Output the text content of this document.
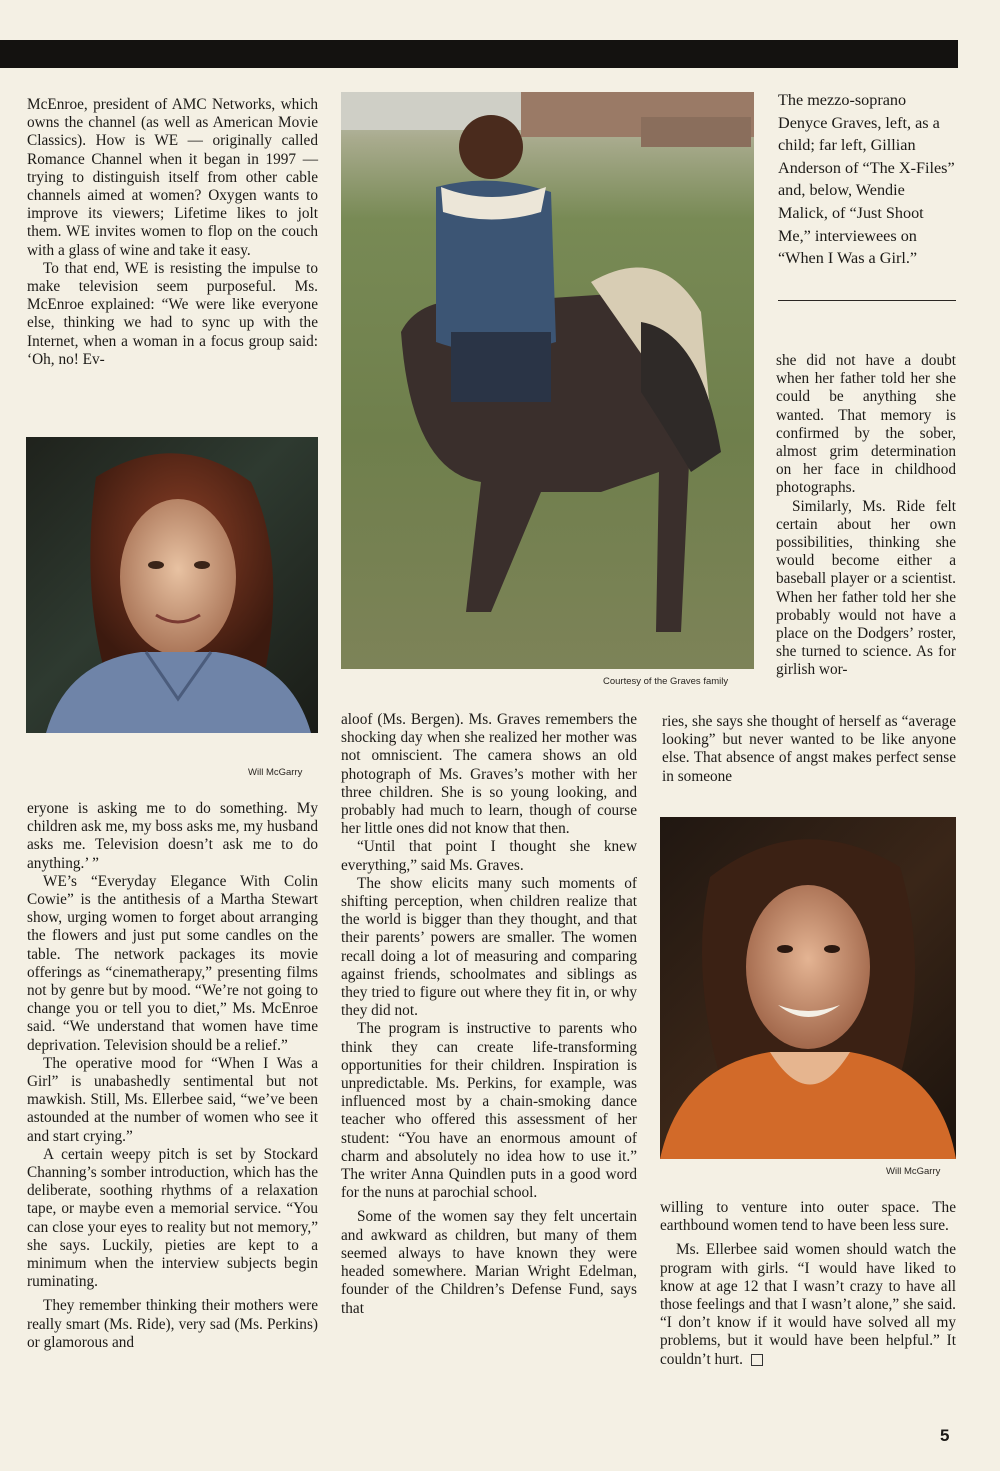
McEnroe, president of AMC Networks, which owns the channel (as well as American Movie Classics). How is WE — originally called Romance Channel when it began in 1997 — trying to distinguish itself from other cable channels aimed at women? Oxygen wants to improve its viewers; Lifetime likes to jolt them. WE invites women to flop on the couch with a glass of wine and take it easy.

To that end, WE is resisting the impulse to make television seem purposeful. Ms. McEnroe explained: “We were like everyone else, thinking we had to sync up with the Internet, when a woman in a focus group said: ‘Oh, no! Ev-

Will McGarry

eryone is asking me to do something. My children ask me, my boss asks me, my husband asks me. Television doesn’t ask me to do anything.’ ”

WE’s “Everyday Elegance With Colin Cowie” is the antithesis of a Martha Stewart show, urging women to forget about arranging the flowers and just put some candles on the table. The network packages its movie offerings as “cinematherapy,” presenting films not by genre but by mood. “We’re not going to change you or tell you to diet,” Ms. McEnroe said. “We understand that women have time deprivation. Television should be a relief.”

The operative mood for “When I Was a Girl” is unabashedly sentimental but not mawkish. Still, Ms. Ellerbee said, “we’ve been astounded at the number of women who see it and start crying.”

A certain weepy pitch is set by Stockard Channing’s somber introduction, which has the deliberate, soothing rhythms of a relaxation tape, or maybe even a memorial service. “You can close your eyes to reality but not memory,” she says. Luckily, pieties are kept to a minimum when the interview subjects begin ruminating.

They remember thinking their mothers were really smart (Ms. Ride), very sad (Ms. Perkins) or glamorous and

Courtesy of the Graves family
The mezzo-soprano Denyce Graves, left, as a child; far left, Gillian Anderson of “The X-Files” and, below, Wendie Malick, of “Just Shoot Me,” interviewees on “When I Was a Girl.”

she did not have a doubt when her father told her she could be anything she wanted. That memory is confirmed by the sober, almost grim determination on her face in childhood photographs.

Similarly, Ms. Ride felt certain about her own possibilities, thinking she would become either a baseball player or a scientist. When her father told her she probably would not have a place on the Dodgers’ roster, she turned to science. As for girlish wor-

ries, she says she thought of herself as “average looking” but never wanted to be like anyone else. That absence of angst makes perfect sense in someone

aloof (Ms. Bergen). Ms. Graves remembers the shocking day when she realized her mother was not omniscient. The camera shows an old photograph of Ms. Graves’s mother with her three children. She is so young looking, and probably had much to learn, though of course her little ones did not know that then.

“Until that point I thought she knew everything,” said Ms. Graves.

The show elicits many such moments of shifting perception, when children realize that the world is bigger than they thought, and that their parents’ powers are smaller. The women recall doing a lot of measuring and comparing against friends, schoolmates and siblings as they tried to figure out where they fit in, or why they did not.

The program is instructive to parents who think they can create life-transforming opportunities for their children. Inspiration is unpredictable. Ms. Perkins, for example, was influenced most by a chain-smoking dance teacher who offered this assessment of her student: “You have an enormous amount of charm and absolutely no idea how to use it.” The writer Anna Quindlen puts in a good word for the nuns at parochial school.

Some of the women say they felt uncertain and awkward as children, but many of them seemed always to have known they were headed somewhere. Marian Wright Edelman, founder of the Children’s Defense Fund, says that

Will McGarry

willing to venture into outer space. The earthbound women tend to have been less sure.

Ms. Ellerbee said women should watch the program with girls. “I would have liked to know at age 12 that I wasn’t crazy to have all those feelings and that I wasn’t alone,” she said. “I don’t know if it would have solved all my problems, but it would have been helpful.” It couldn’t hurt.

5
